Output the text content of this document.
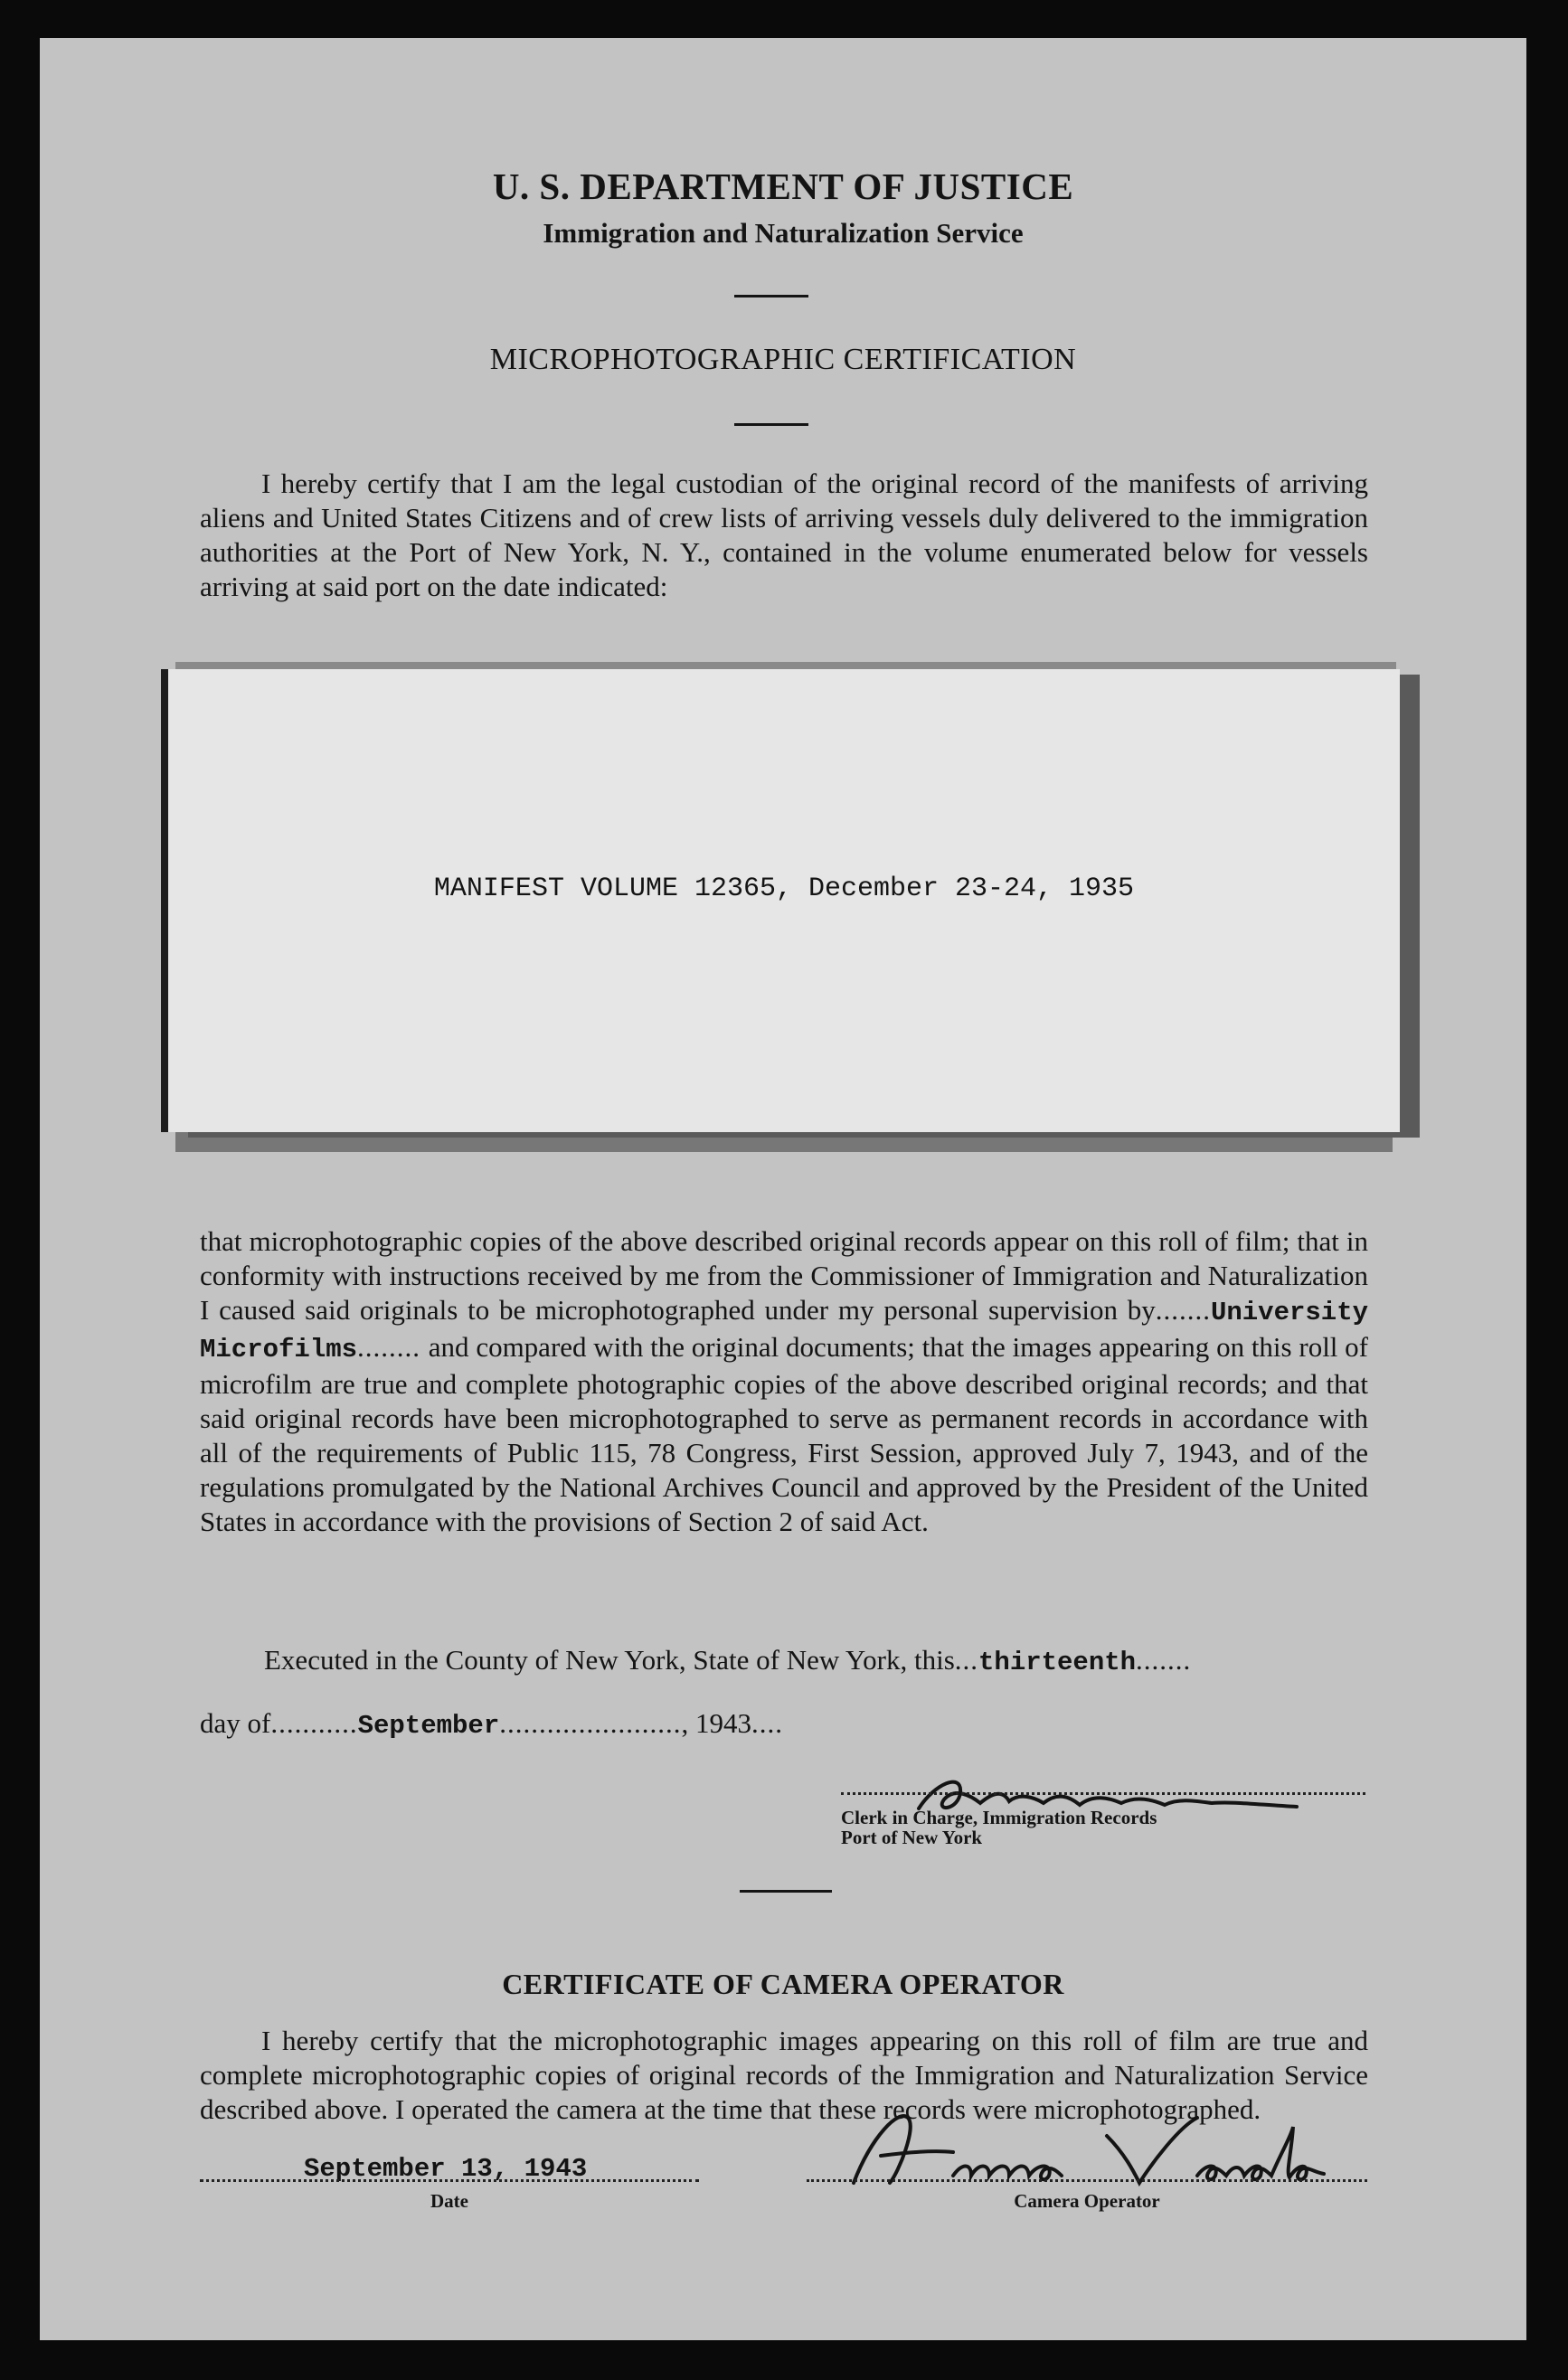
U. S. DEPARTMENT OF JUSTICE
Immigration and Naturalization Service
MICROPHOTOGRAPHIC CERTIFICATION

I hereby certify that I am the legal custodian of the original record of the manifests of arriving aliens and United States Citizens and of crew lists of arriving vessels duly delivered to the immigration authorities at the Port of New York, N. Y., contained in the volume enumerated below for vessels arriving at said port on the date indicated:

MANIFEST VOLUME 12365, December 23-24, 1935

that microphotographic copies of the above described original records appear on this roll of film; that in conformity with instructions received by me from the Commissioner of Immigration and Naturalization I caused said originals to be microphotographed under my personal supervision by.......University Microfilms........ and compared with the original documents; that the images appearing on this roll of microfilm are true and complete photographic copies of the above described original records; and that said original records have been microphotographed to serve as permanent records in accordance with all of the requirements of Public 115, 78 Congress, First Session, approved July 7, 1943, and of the regulations promulgated by the National Archives Council and approved by the President of the United States in accordance with the provisions of Section 2 of said Act.

Executed in the County of New York, State of New York, this...thirteenth.......
day of...........September......................., 1943....
Clerk in Charge, Immigration Records
Port of New York
CERTIFICATE OF CAMERA OPERATOR

I hereby certify that the microphotographic images appearing on this roll of film are true and complete microphotographic copies of original records of the Immigration and Naturalization Service described above. I operated the camera at the time that these records were microphotographed.

September 13, 1943
Date	Camera Operator
